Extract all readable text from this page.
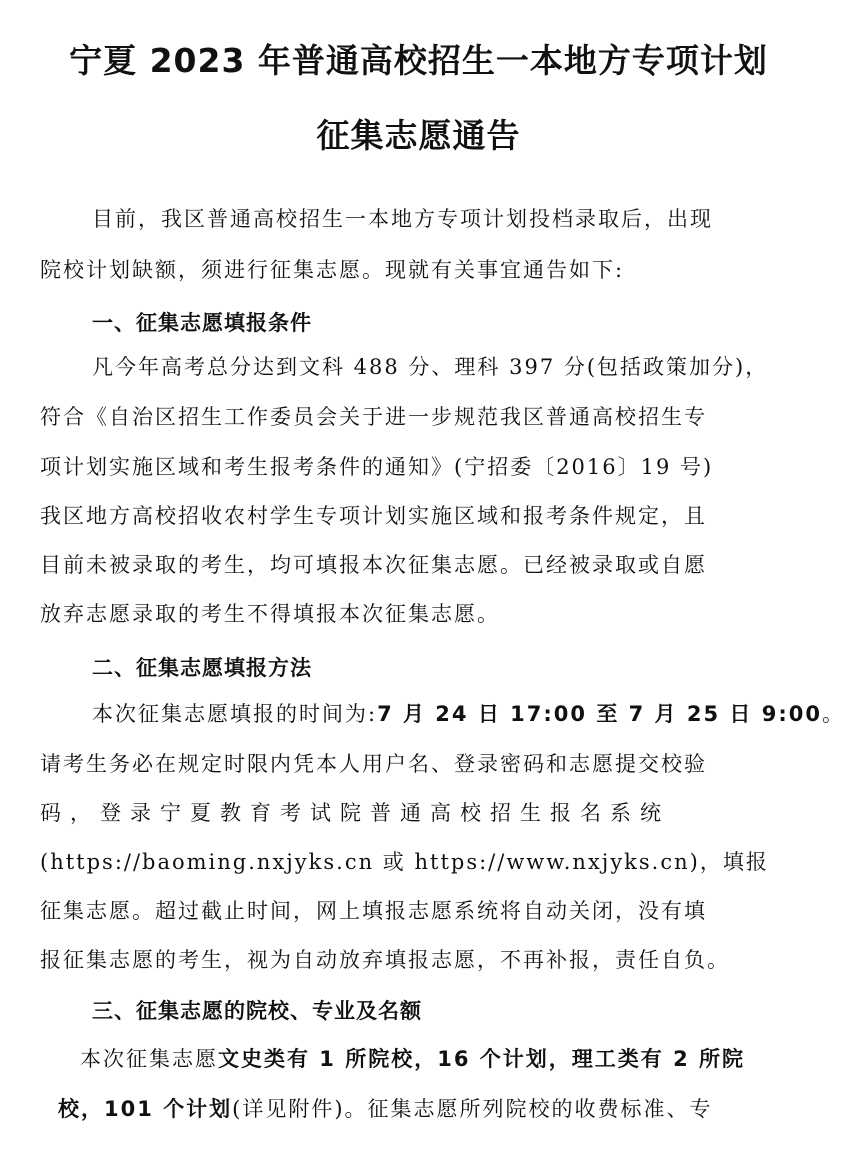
宁夏 2023 年普通高校招生一本地方专项计划
征集志愿通告
目前，我区普通高校招生一本地方专项计划投档录取后，出现
院校计划缺额，须进行征集志愿。现就有关事宜通告如下:
一、征集志愿填报条件
凡今年高考总分达到文科 488 分、理科 397 分(包括政策加分)，
符合《自治区招生工作委员会关于进一步规范我区普通高校招生专
项计划实施区域和考生报考条件的通知》(宁招委〔2016〕19 号)
我区地方高校招收农村学生专项计划实施区域和报考条件规定，且
目前未被录取的考生，均可填报本次征集志愿。已经被录取或自愿
放弃志愿录取的考生不得填报本次征集志愿。
二、征集志愿填报方法
本次征集志愿填报的时间为:7 月 24 日 17:00 至 7 月 25 日 9:00。
请考生务必在规定时限内凭本人用户名、登录密码和志愿提交校验
码，登录宁夏教育考试院普通高校招生报名系统
(https://baoming.nxjyks.cn 或 https://www.nxjyks.cn)，填报
征集志愿。超过截止时间，网上填报志愿系统将自动关闭，没有填
报征集志愿的考生，视为自动放弃填报志愿，不再补报，责任自负。
三、征集志愿的院校、专业及名额
本次征集志愿文史类有 1 所院校，16 个计划，理工类有 2 所院
校，101 个计划(详见附件)。征集志愿所列院校的收费标准、专
